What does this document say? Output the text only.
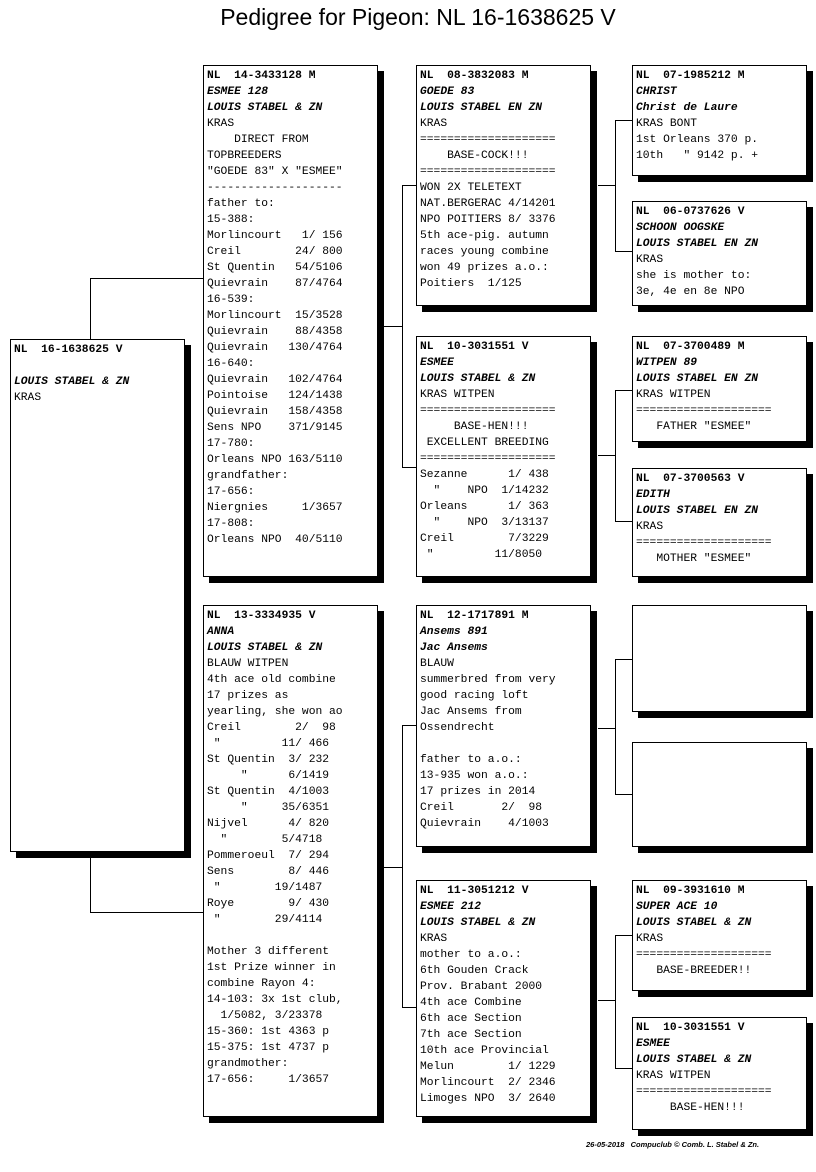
Pedigree for Pigeon: NL 16-1638625 V
NL  16-1638625 V
LOUIS STABEL & ZN
KRAS
NL  14-3433128 M
ESMEE 128
LOUIS STABEL & ZN
KRAS
DIRECT FROM
TOPBREEDERS
"GOEDE 83" X "ESMEE"
--------------------
father to:
15-388:
Morlincourt   1/ 156
Creil        24/ 800
St Quentin   54/5106
Quievrain    87/4764
16-539:
Morlincourt  15/3528
Quievrain    88/4358
Quievrain   130/4764
16-640:
Quievrain   102/4764
Pointoise   124/1438
Quievrain   158/4358
Sens NPO    371/9145
17-780:
Orleans NPO 163/5110
grandfather:
17-656:
Niergnies     1/3657
17-808:
Orleans NPO  40/5110
NL  13-3334935 V
ANNA
LOUIS STABEL & ZN
BLAUW WITPEN
4th ace old combine
17 prizes as
yearling, she won ao
Creil        2/  98
"         11/ 466
St Quentin  3/ 232
"      6/1419
St Quentin  4/1003
"     35/6351
Nijvel      4/ 820
"        5/4718
Pommeroeul  7/ 294
Sens        8/ 446
"        19/1487
Roye        9/ 430
"        29/4114
Mother 3 different
1st Prize winner in
combine Rayon 4:
14-103: 3x 1st club,
1/5082, 3/23378
15-360: 1st 4363 p
15-375: 1st 4737 p
grandmother:
17-656:     1/3657
NL  08-3832083 M
GOEDE 83
LOUIS STABEL EN ZN
KRAS
====================
BASE-COCK!!!
====================
WON 2X TELETEXT
NAT.BERGERAC 4/14201
NPO POITIERS 8/ 3376
5th ace-pig. autumn
races young combine
won 49 prizes a.o.:
Poitiers  1/125
NL  10-3031551 V
ESMEE
LOUIS STABEL & ZN
KRAS WITPEN
====================
BASE-HEN!!!
EXCELLENT BREEDING
====================
Sezanne      1/ 438
"    NPO  1/14232
Orleans      1/ 363
"    NPO  3/13137
Creil        7/3229
"         11/8050
NL  12-1717891 M
Ansems 891
Jac Ansems
BLAUW
summerbred from very
good racing loft
Jac Ansems from
Ossendrecht
father to a.o.:
13-935 won a.o.:
17 prizes in 2014
Creil       2/  98
Quievrain    4/1003
NL  11-3051212 V
ESMEE 212
LOUIS STABEL & ZN
KRAS
mother to a.o.:
6th Gouden Crack
Prov. Brabant 2000
4th ace Combine
6th ace Section
7th ace Section
10th ace Provincial
Melun        1/ 1229
Morlincourt  2/ 2346
Limoges NPO  3/ 2640
NL  07-1985212 M
CHRIST
Christ de Laure
KRAS BONT
1st Orleans 370 p.
10th   " 9142 p. +
NL  06-0737626 V
SCHOON OOGSKE
LOUIS STABEL EN ZN
KRAS
she is mother to:
3e, 4e en 8e NPO
NL  07-3700489 M
WITPEN 89
LOUIS STABEL EN ZN
KRAS WITPEN
====================
FATHER "ESMEE"
NL  07-3700563 V
EDITH
LOUIS STABEL EN ZN
KRAS
====================
MOTHER "ESMEE"
NL  09-3931610 M
SUPER ACE 10
LOUIS STABEL & ZN
KRAS
====================
BASE-BREEDER!!
NL  10-3031551 V
ESMEE
LOUIS STABEL & ZN
KRAS WITPEN
====================
BASE-HEN!!!
26-05-2018 Compuclub © Comb. L. Stabel & Zn.
